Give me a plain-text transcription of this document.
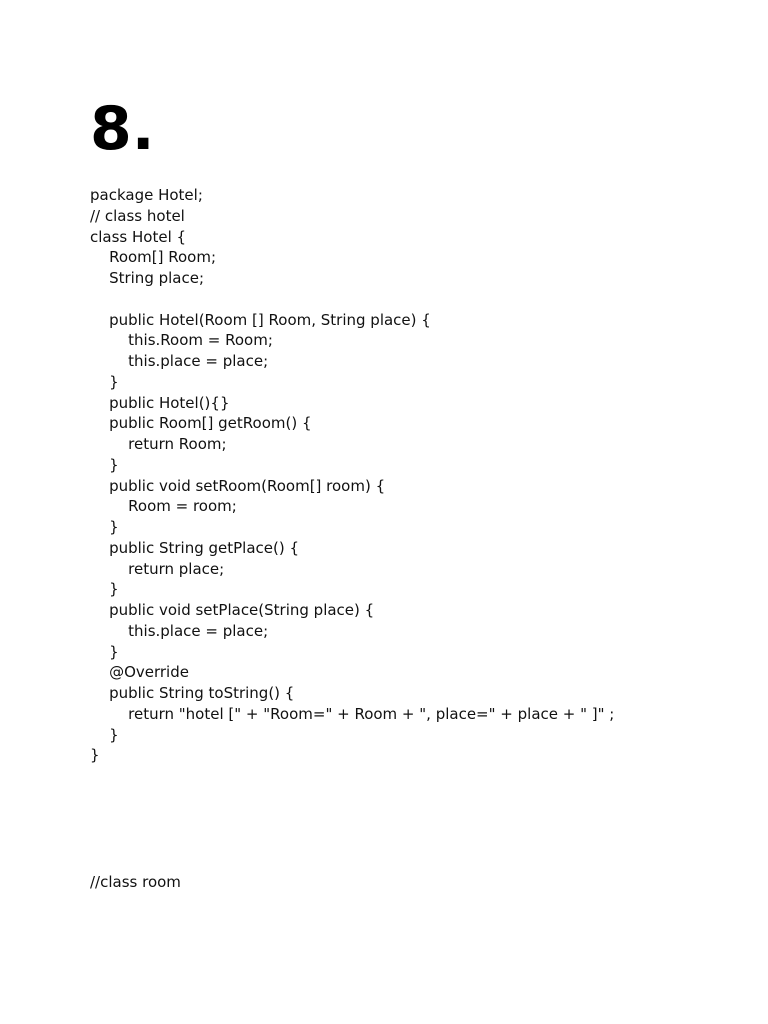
8.
package Hotel;
// class hotel
class Hotel {
Room[] Room;
String place;
public Hotel(Room [] Room, String place) {
this.Room = Room;
this.place = place;
}
public Hotel(){}
public Room[] getRoom() {
return Room;
}
public void setRoom(Room[] room) {
Room = room;
}
public String getPlace() {
return place;
}
public void setPlace(String place) {
this.place = place;
}
@Override
public String toString() {
return "hotel [" + "Room=" + Room + ", place=" + place + " ]" ;
}
}

//class room
